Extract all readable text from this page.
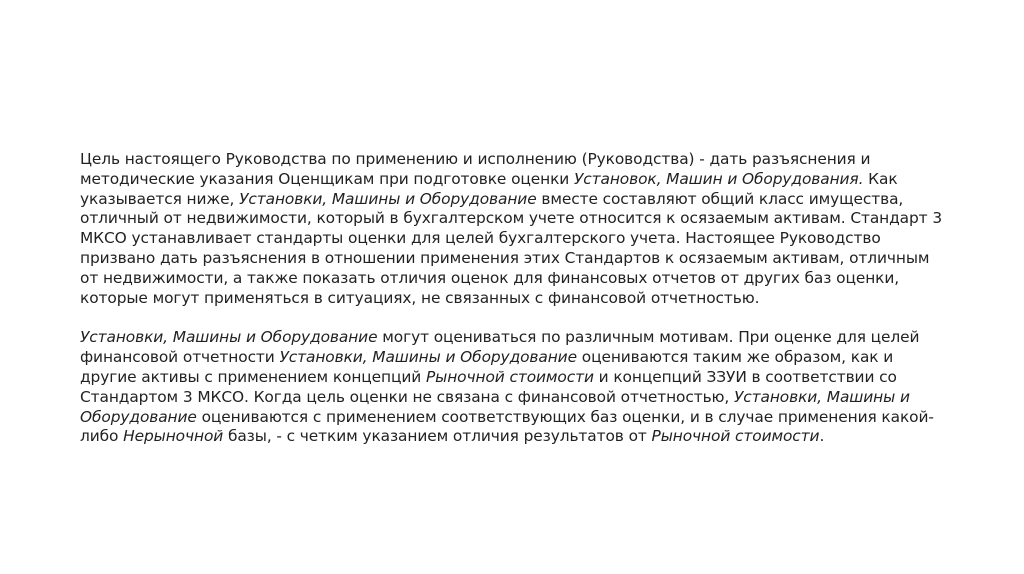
Цель настоящего Руководства по применению и исполнению (Руководства) - дать разъяснения и методические указания Оценщикам при подготовке оценки Установок, Машин и Оборудования. Как указывается ниже, Установки, Машины и Оборудование вместе составляют общий класс имущества, отличный от недвижимости, который в бухгалтерском учете относится к осязаемым активам. Стандарт 3 МКСО устанавливает стандарты оценки для целей бухгалтерского учета. Настоящее Руководство призвано дать разъяснения в отношении применения этих Стандартов к осязаемым активам, отличным от недвижимости, а также показать отличия оценок для финансовых отчетов от других баз оценки, которые могут применяться в ситуациях, не связанных с финансовой отчетностью.

Установки, Машины и Оборудование могут оцениваться по различным мотивам. При оценке для целей финансовой отчетности Установки, Машины и Оборудование оцениваются таким же образом, как и другие активы с применением концепций Рыночной стоимости и концепций ЗЗУИ в соответствии со Стандартом 3 МКСО. Когда цель оценки не связана с финансовой отчетностью, Установки, Машины и Оборудование оцениваются с применением соответствующих баз оценки, и в случае применения какой-либо Нерыночной базы, - с четким указанием отличия результатов от Рыночной стоимости.
